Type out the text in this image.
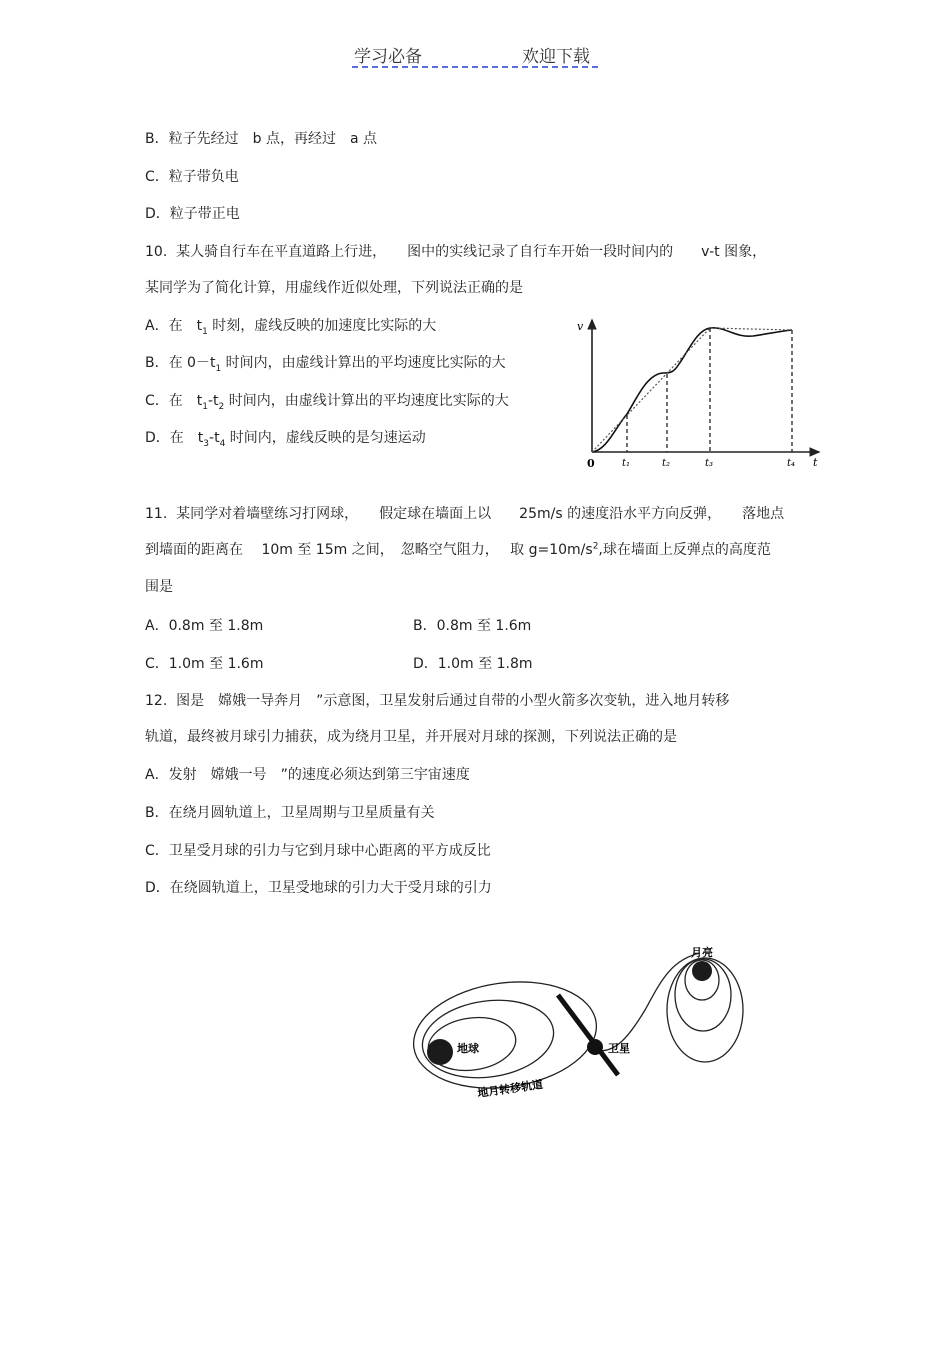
学习必备	欢迎下载
B．粒子先经过　b 点，再经过　a 点
C．粒子带负电
D．粒子带正电
10.  某人骑自行车在平直道路上行进，　　图中的实线记录了自行车开始一段时间内的　　v-t 图象，
某同学为了简化计算，用虚线作近似处理，下列说法正确的是
A．在　$t_1$ 时刻，虚线反映的加速度比实际的大
B．在 $0-t_1$ 时间内，由虚线计算出的平均速度比实际的大
C．在　$t_1-t_2$ 时间内，由虚线计算出的平均速度比实际的大
D．在　$t_3-t_4$ 时间内，虚线反映的是匀速运动
v
t
0	t₁	t₂	t₃	t₄
11.  某同学对着墙壁练习打网球，　　假定球在墙面上以　　25m/s 的速度沿水平方向反弹，　　落地点
到墙面的距离在　 10m 至 15m 之间，　忽略空气阻力，　 取 $g=10m/s^2$,球在墙面上反弹点的高度范
围是
A．0.8m 至 1.8m	B．0.8m 至 1.6m
C．1.0m 至 1.6m	D．1.0m 至 1.8m
12.  图是　嫦娥一导奔月　”示意图，卫星发射后通过自带的小型火箭多次变轨，进入地月转移
轨道，最终被月球引力捕获，成为绕月卫星，并开展对月球的探测，下列说法正确的是
A．发射　嫦娥一号　”的速度必须达到第三宇宙速度
B．在绕月圆轨道上，卫星周期与卫星质量有关
C．卫星受月球的引力与它到月球中心距离的平方成反比
D．在绕圆轨道上，卫星受地球的引力大于受月球的引力
地球
月亮
卫星
地月转移轨道
